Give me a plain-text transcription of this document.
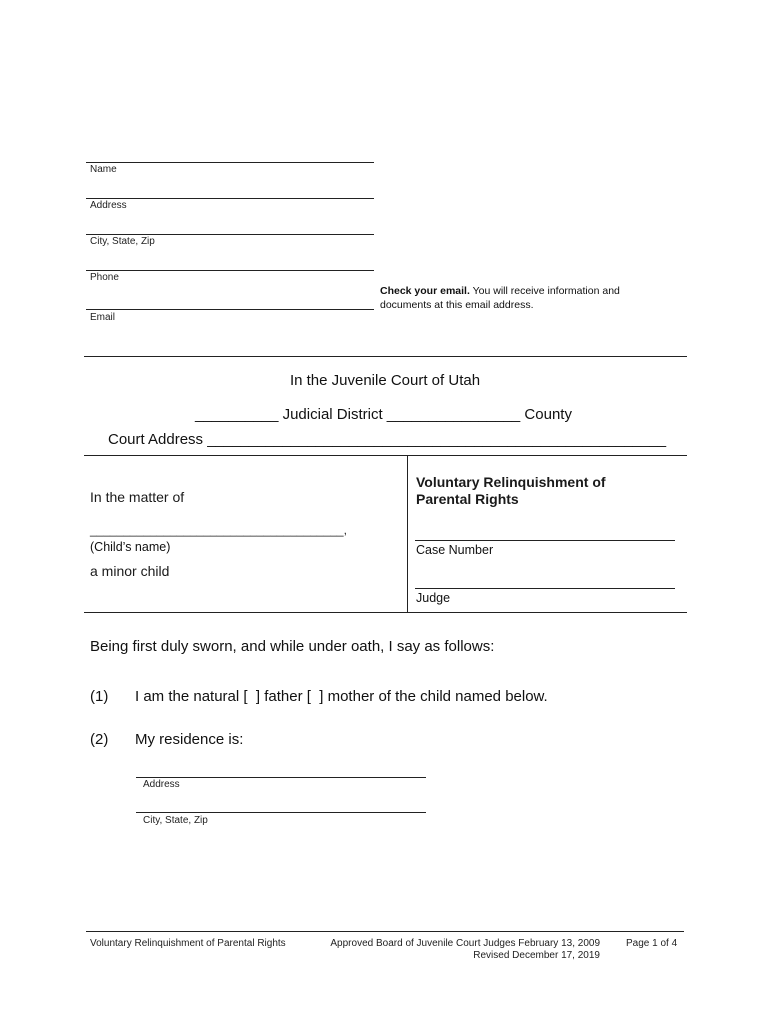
Name
Address
City, State, Zip
Phone
Email
Check your email. You will receive information and
documents at this email address.
In the Juvenile Court of Utah
__________ Judicial District ________________ County
Court Address _______________________________________________________
In the matter of
______________________________________,
(Child’s name)
a minor child
Voluntary Relinquishment of
Parental Rights
Case Number
Judge
Being first duly sworn, and while under oath, I say as follows:
(1) I am the natural [  ] father [  ] mother of the child named below.
(2) My residence is:
Address
City, State, Zip
Voluntary Relinquishment of Parental Rights	Approved Board of Juvenile Court Judges February 13, 2009
Revised December 17, 2019
Page 1 of 4
